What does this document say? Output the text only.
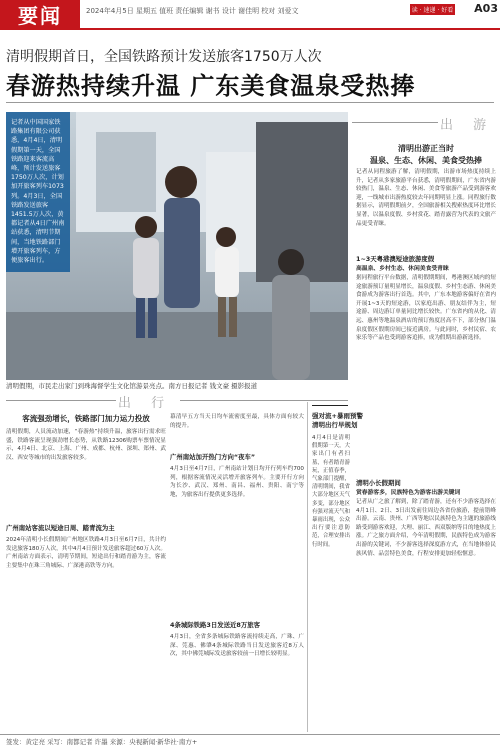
要闻	2024年4月5日 星期五 值班 责任编辑 谢书 设计 谢佳明 校对 刘爱文	读 · 速递 · 好看	A03
清明假期首日，全国铁路预计发送旅客1750万人次
春游热持续升温 广东美食温泉受热捧
记者从中国国家铁路集团有限公司获悉，4月4日，清明假期第一天，全国铁路迎来客流高峰，预计发送旅客1750万人次，计划加开旅客列车1073列。4月3日，全国铁路发送旅客1451.5万人次，黄都记者从4日广州南站获悉，清明节期间，当地铁路部门增开旅客列车，方便旅客出行。
清明假期，市民走出家门到珠海督学生文化馆游景亮点。南方日报记者 钱文豪 摄影报道
出 游
清明出游正当时
温泉、生态、休闲、美食受热捧
记者从同程旅游了解，清明假期，出游市场热度持续上升，记者从多家旅游平台获悉，清明假期间，广东省内游较热门，温泉、生态、休闲、美食等旅游产品受到游客欢迎，一线城市出游热度较去年同期明显上涨。同程旅行数据显示，清明假期前夕，全国旅游相关搜索热度环比增长显著，以温泉度假、乡村赏花、踏青露营为代表的文旅产品更受青睐。
1~3天粤港澳短途旅游度假
高温泉、乡村生态、休闲美食受青睐
据同程旅行平台数据，清明假期期间，粤港澳区域内的短途旅游预订量明显增长，温泉度假、乡村生态游、休闲美食游成为游客出行首选。其中，广东本地游客偏好在省内开展1~3天的短途游，以家庭出游、朋友结伴为主，短途游、周边游订单量同比增长较快。广东省内的从化、清远、惠州等地温泉酒店的预订热度居高不下，部分热门温泉度假区假期房间已接近满房。与此同时，乡村民宿、农家乐等产品也受到游客追捧，成为假期出游新选择。
清明小长假期间
赏春游客多，民族特色为游客出游关键词
记者从广之旅了解到，除了踏青游，还有不少游客选择在4月1日、2日、3日出发前往周边各省份旅游，提前错峰出游。云南、贵州、广西等地以民族特色为主题的旅游线路受到游客欢迎，大理、丽江、西双版纳等目的地热度上涨。广之旅方面介绍，今年清明假期，民族特色成为游客出游的关键词，不少游客选择深度游方式，在当地体验民族风情、品尝特色美食，行程安排更加轻松惬意。
出 行
客流强劲增长，铁路部门加力运力投放
清明假期，人员流动加速，“春游热”持续升温，旅客出行需求旺盛，铁路客流呈现强劲增长态势，从铁路12306购票车票情况显示，4月4日、北京、上海、广州、成都、杭州、深圳、郑州、武汉、西安等城市的出发旅客较多。
广州南站客流以短途日周、踏青流为主
2024年清明小长假期间广州地区铁路4月3日至6月7日，共计约发送旅客180万人次，其中4月4日预计发送旅客超过60万人次。广州南站方面表示，清明节期间，短途出行和踏青游为主，客流主要集中在珠三角城际、广深港高铁等方向。
幕清早五方当天日均车流密度至最，具体方面有较大的提升。
广州南站加开热门方向“夜车”
4月3日至4月7日，广州南站计划日均开行列车约700列，根据客流情况灵活增开旅客列车。主要开行方向为长沙、武汉、郑州、南昌、福州、贵阳、南宁等地，为旅客出行提供更多选择。
4条城际铁路3日发送近8万旅客
4月3日，全省多条城际铁路客流持续走高，广珠、广深、莞惠、佛肇4条城际铁路当日发送旅客近8万人次，其中佛莞城际发送旅客较前一日增长较明显。
强对流+暴雨预警
清明出行早规划
4月4日是清明假期第一天，大家出门有者扫墓，有者踏青游玩，正值春季，气象部门提醒，清明期间，我省大部分地区天气多变，部分地区有强对流天气和暴雨出现，公众出行要注意防范，合理安排出行时间。
签发：黄定亮 采写：南都记者 许墨 来源：央视新闻·新华社·南方+
